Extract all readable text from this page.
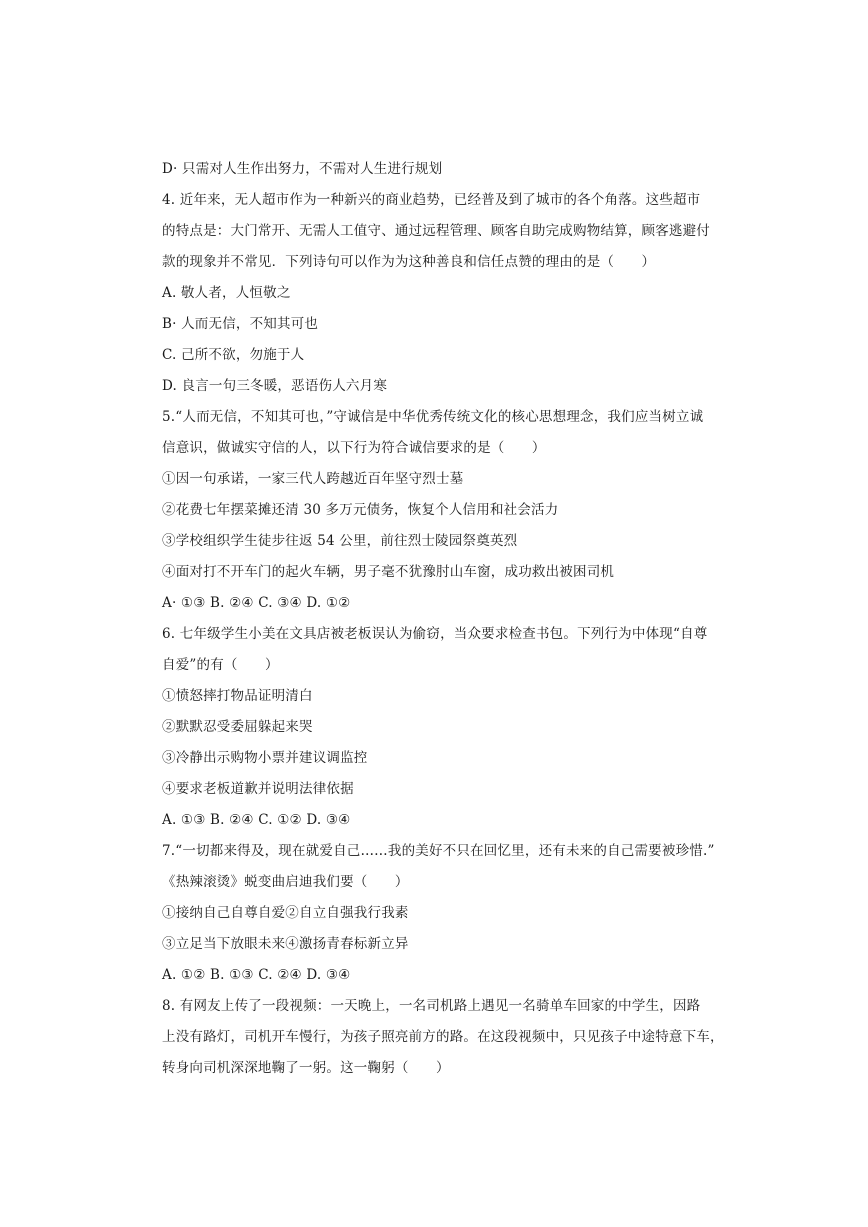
D· 只需对人生作出努力，不需对人生进行规划
4. 近年来，无人超市作为一种新兴的商业趋势，已经普及到了城市的各个角落。这些超市
的特点是：大门常开、无需人工值守、通过远程管理、顾客自助完成购物结算，顾客逃避付
款的现象并不常见．下列诗句可以作为为这种善良和信任点赞的理由的是（　　）
A. 敬人者，人恒敬之
B· 人而无信，不知其可也
C. 己所不欲，勿施于人
D. 良言一句三冬暖，恶语伤人六月寒
5.“人而无信，不知其可也，”守诚信是中华优秀传统文化的核心思想理念，我们应当树立诚
信意识，做诚实守信的人，以下行为符合诚信要求的是（　　）
①因一句承诺，一家三代人跨越近百年坚守烈士墓
②花费七年摆菜摊还清 30 多万元债务，恢复个人信用和社会活力
③学校组织学生徒步往返 54 公里，前往烈士陵园祭奠英烈
④面对打不开车门的起火车辆，男子毫不犹豫肘山车窗，成功救出被困司机
A· ①③ B. ②④ C. ③④ D. ①②
6. 七年级学生小美在文具店被老板误认为偷窃，当众要求检查书包。下列行为中体现“自尊
自爱”的有（　　）
①愤怒摔打物品证明清白
②默默忍受委屈躲起来哭
③冷静出示购物小票并建议调监控
④要求老板道歉并说明法律依据
A. ①③ B. ②④ C. ①② D. ③④
7.“一切都来得及，现在就爱自己……我的美好不只在回忆里，还有未来的自己需要被珍惜.”
《热辣滚烫》蜕变曲启迪我们要（　　）
①接纳自己自尊自爱②自立自强我行我素
③立足当下放眼未来④激扬青春标新立异
A. ①② B. ①③ C. ②④ D. ③④
8. 有网友上传了一段视频：一天晚上，一名司机路上遇见一名骑单车回家的中学生，因路
上没有路灯，司机开车慢行，为孩子照亮前方的路。在这段视频中，只见孩子中途特意下车，
转身向司机深深地鞠了一躬。这一鞠躬（　　）
